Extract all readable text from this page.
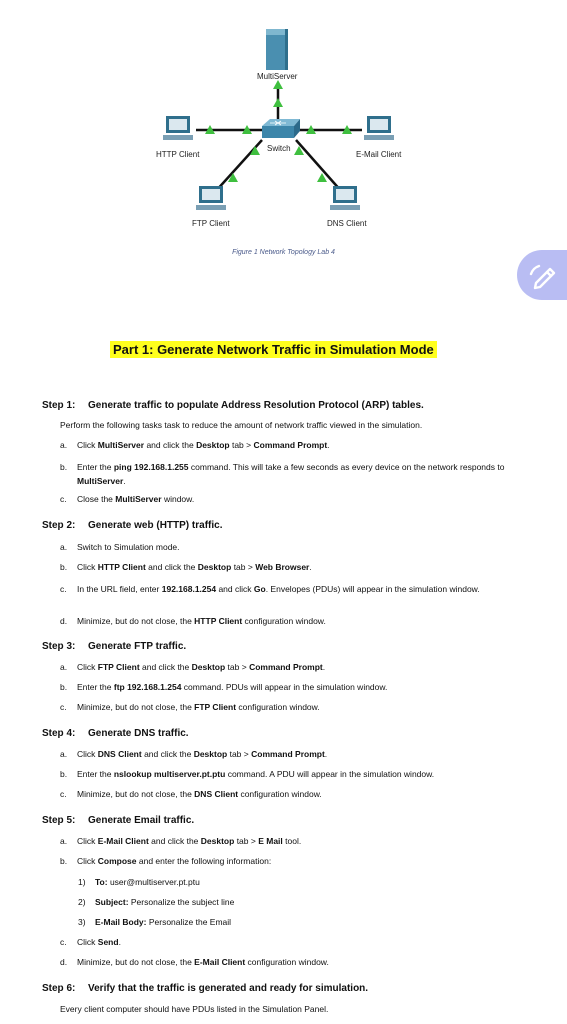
MultiServer
HTTP Client
Switch
E-Mail Client
FTP Client	DNS Client
Figure 1 Network Topology Lab 4
Part 1: Generate Network Traffic in Simulation Mode
Step 1: Generate traffic to populate Address Resolution Protocol (ARP) tables.
Perform the following tasks task to reduce the amount of network traffic viewed in the simulation.
a.	Click MultiServer and click the Desktop tab > Command Prompt.
b.	Enter the ping 192.168.1.255 command. This will take a few seconds as every device on the network responds to MultiServer.
c.	Close the MultiServer window.
Step 2: Generate web (HTTP) traffic.
a.	Switch to Simulation mode.
b.	Click HTTP Client and click the Desktop tab > Web Browser.
c.	In the URL field, enter 192.168.1.254 and click Go. Envelopes (PDUs) will appear in the simulation window.
d.	Minimize, but do not close, the HTTP Client configuration window.
Step 3: Generate FTP traffic.
a.	Click FTP Client and click the Desktop tab > Command Prompt.
b.	Enter the ftp 192.168.1.254 command. PDUs will appear in the simulation window.
c.	Minimize, but do not close, the FTP Client configuration window.
Step 4: Generate DNS traffic.
a.	Click DNS Client and click the Desktop tab > Command Prompt.
b.	Enter the nslookup multiserver.pt.ptu command. A PDU will appear in the simulation window.
c.	Minimize, but do not close, the DNS Client configuration window.
Step 5: Generate Email traffic.
a.	Click E-Mail Client and click the Desktop tab > E Mail tool.
b.	Click Compose and enter the following information:
1) To: user@multiserver.pt.ptu
2) Subject: Personalize the subject line
3) E-Mail Body: Personalize the Email
c.	Click Send.
d.	Minimize, but do not close, the E-Mail Client configuration window.
Step 6: Verify that the traffic is generated and ready for simulation.
Every client computer should have PDUs listed in the Simulation Panel.
